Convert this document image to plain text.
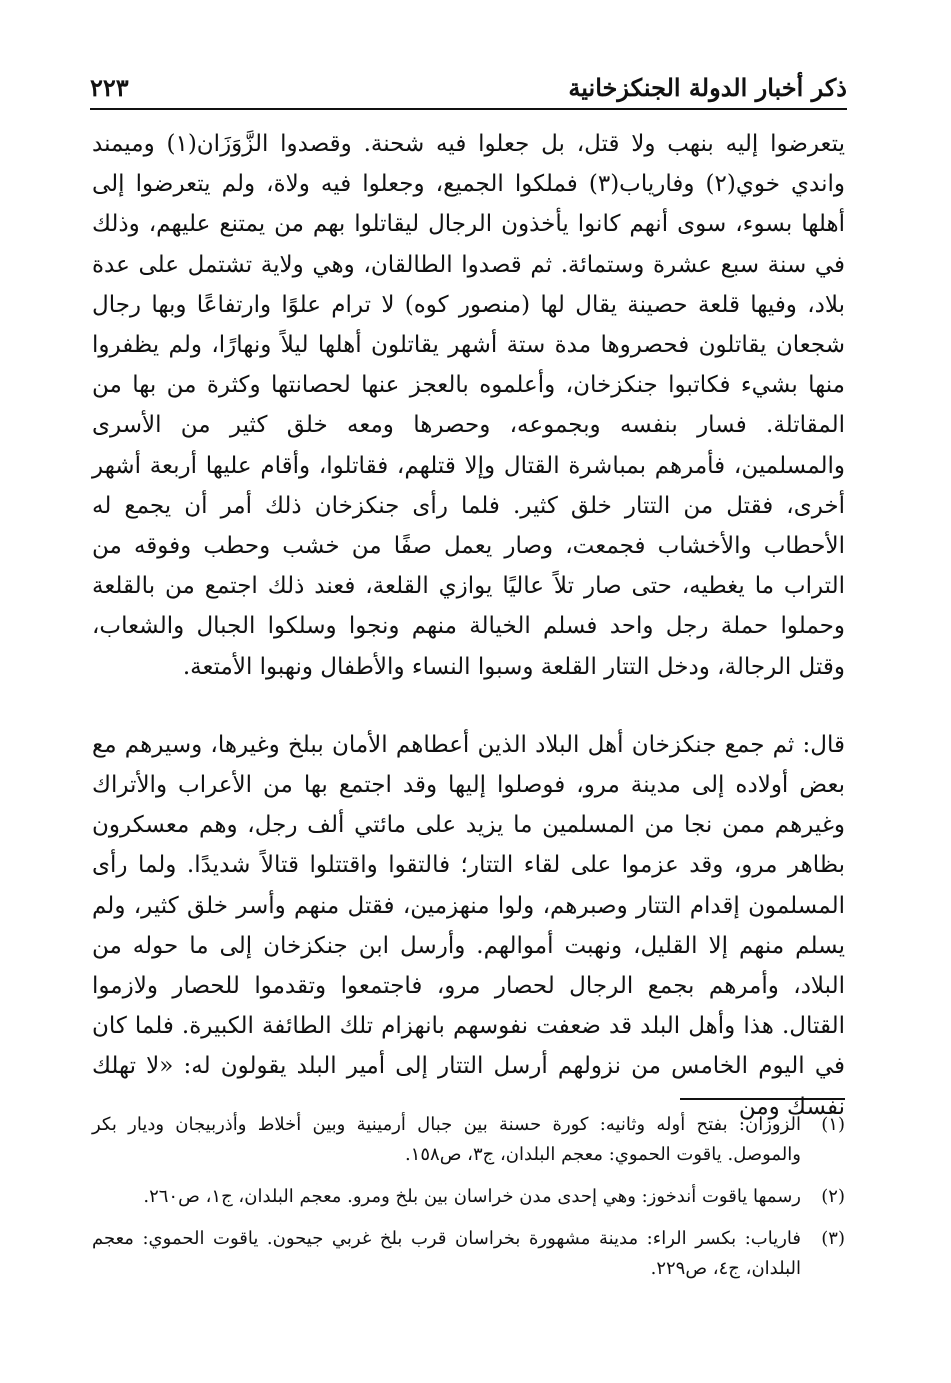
ذكر أخبار الدولة الجنكزخانية
٢٢٣

يتعرضوا إليه بنهب ولا قتل، بل جعلوا فيه شحنة. وقصدوا الزَّوَزَان(١) وميمند واندي خوي(٢) وفارياب(٣) فملكوا الجميع، وجعلوا فيه ولاة، ولم يتعرضوا إلى أهلها بسوء، سوى أنهم كانوا يأخذون الرجال ليقاتلوا بهم من يمتنع عليهم، وذلك في سنة سبع عشرة وستمائة. ثم قصدوا الطالقان، وهي ولاية تشتمل على عدة بلاد، وفيها قلعة حصينة يقال لها (منصور كوه) لا ترام علوًا وارتفاعًا وبها رجال شجعان يقاتلون فحصروها مدة ستة أشهر يقاتلون أهلها ليلاً ونهارًا، ولم يظفروا منها بشيء فكاتبوا جنكزخان، وأعلموه بالعجز عنها لحصانتها وكثرة من بها من المقاتلة. فسار بنفسه وبجموعه، وحصرها ومعه خلق كثير من الأسرى والمسلمين، فأمرهم بمباشرة القتال وإلا قتلهم، فقاتلوا، وأقام عليها أربعة أشهر أخرى، فقتل من التتار خلق كثير. فلما رأى جنكزخان ذلك أمر أن يجمع له الأحطاب والأخشاب فجمعت، وصار يعمل صفًا من خشب وحطب وفوقه من التراب ما يغطيه، حتى صار تلاً عاليًا يوازي القلعة، فعند ذلك اجتمع من بالقلعة وحملوا حملة رجل واحد فسلم الخيالة منهم ونجوا وسلكوا الجبال والشعاب، وقتل الرجالة، ودخل التتار القلعة وسبوا النساء والأطفال ونهبوا الأمتعة.

قال: ثم جمع جنكزخان أهل البلاد الذين أعطاهم الأمان ببلخ وغيرها، وسيرهم مع بعض أولاده إلى مدينة مرو، فوصلوا إليها وقد اجتمع بها من الأعراب والأتراك وغيرهم ممن نجا من المسلمين ما يزيد على مائتي ألف رجل، وهم معسكرون بظاهر مرو، وقد عزموا على لقاء التتار؛ فالتقوا واقتتلوا قتالاً شديدًا. ولما رأى المسلمون إقدام التتار وصبرهم، ولوا منهزمين، فقتل منهم وأسر خلق كثير، ولم يسلم منهم إلا القليل، ونهبت أموالهم. وأرسل ابن جنكزخان إلى ما حوله من البلاد، وأمرهم بجمع الرجال لحصار مرو، فاجتمعوا وتقدموا للحصار ولازموا القتال. هذا وأهل البلد قد ضعفت نفوسهم بانهزام تلك الطائفة الكبيرة. فلما كان في اليوم الخامس من نزولهم أرسل التتار إلى أمير البلد يقولون له: «لا تهلك نفسك ومن

(١)
الزوزان: بفتح أوله وثانيه: كورة حسنة بين جبال أرمينية وبين أخلاط وأذربيجان وديار بكر والموصل. ياقوت الحموي: معجم البلدان، ج٣، ص١٥٨.
(٢)
رسمها ياقوت أندخوز: وهي إحدى مدن خراسان بين بلخ ومرو. معجم البلدان، ج١، ص٢٦٠.
(٣)
فارياب: بكسر الراء: مدينة مشهورة بخراسان قرب بلخ غربي جيحون. ياقوت الحموي: معجم البلدان، ج٤، ص٢٢٩.
